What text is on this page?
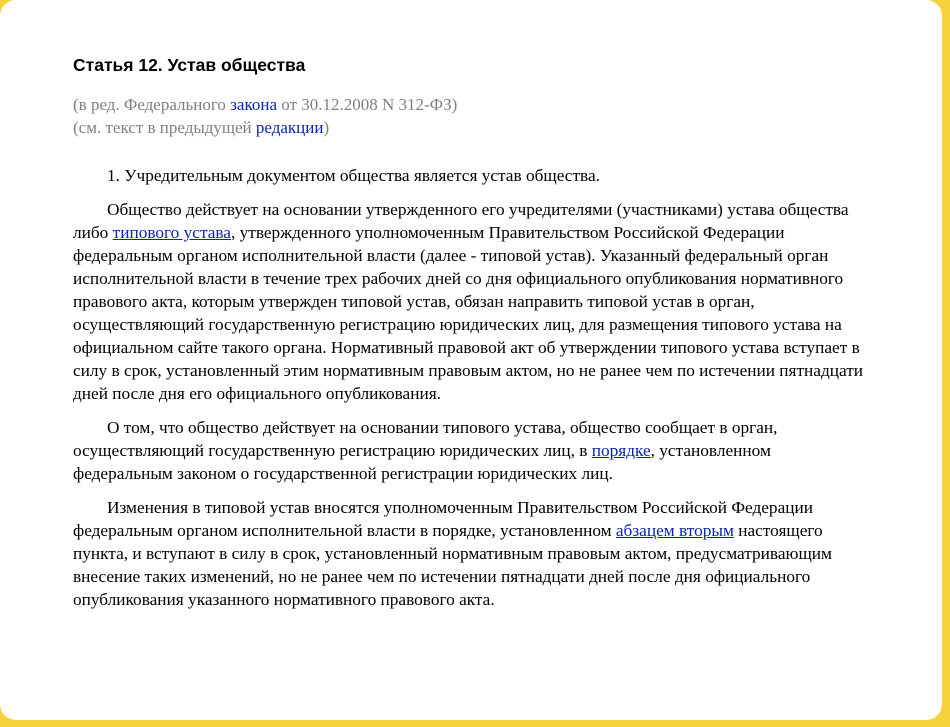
Статья 12. Устав общества
(в ред. Федерального закона от 30.12.2008 N 312-ФЗ)
(см. текст в предыдущей редакции)

1. Учредительным документом общества является устав общества.

Общество действует на основании утвержденного его учредителями (участниками) устава общества либо типового устава, утвержденного уполномоченным Правительством Российской Федерации федеральным органом исполнительной власти (далее - типовой устав). Указанный федеральный орган исполнительной власти в течение трех рабочих дней со дня официального опубликования нормативного правового акта, которым утвержден типовой устав, обязан направить типовой устав в орган, осуществляющий государственную регистрацию юридических лиц, для размещения типового устава на официальном сайте такого органа. Нормативный правовой акт об утверждении типового устава вступает в силу в срок, установленный этим нормативным правовым актом, но не ранее чем по истечении пятнадцати дней после дня его официального опубликования.

О том, что общество действует на основании типового устава, общество сообщает в орган, осуществляющий государственную регистрацию юридических лиц, в порядке, установленном федеральным законом о государственной регистрации юридических лиц.

Изменения в типовой устав вносятся уполномоченным Правительством Российской Федерации федеральным органом исполнительной власти в порядке, установленном абзацем вторым настоящего пункта, и вступают в силу в срок, установленный нормативным правовым актом, предусматривающим внесение таких изменений, но не ранее чем по истечении пятнадцати дней после дня официального опубликования указанного нормативного правового акта.
